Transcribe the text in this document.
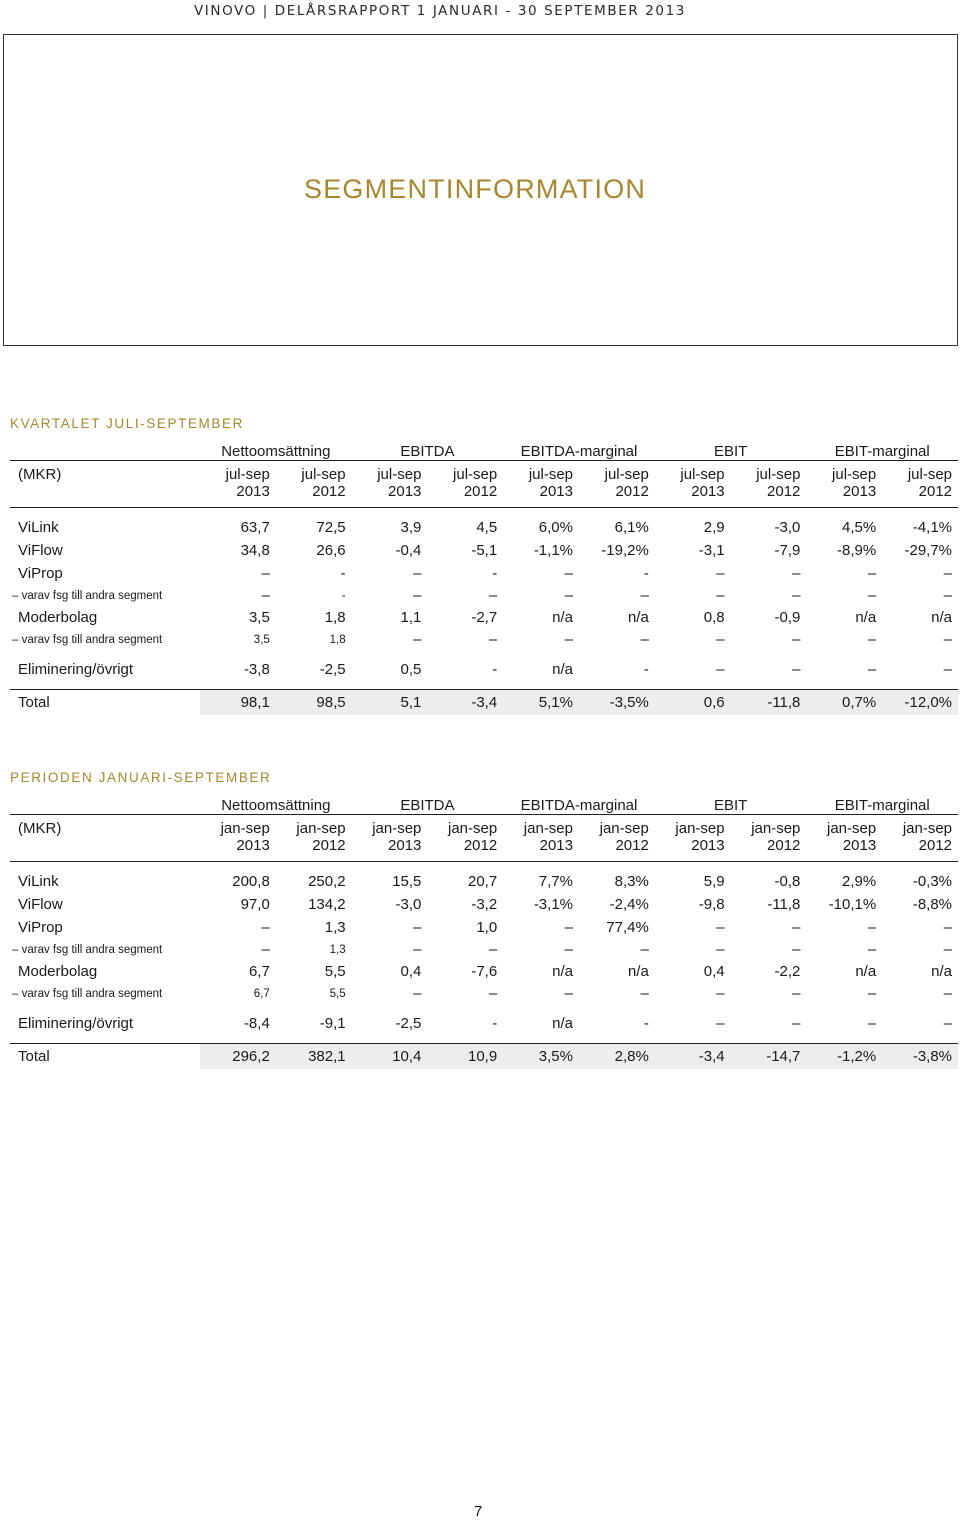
VINOVO | DELÅRSRAPPORT 1 JANUARI - 30 SEPTEMBER 2013
SEGMENTINFORMATION
KVARTALET JULI-SEPTEMBER
	Nettoomsättning		EBITDA		EBITDA-marginal		EBIT		EBIT-marginal	
(MKR)	jul-sep	jul-sep	jul-sep	jul-sep	jul-sep	jul-sep	jul-sep	jul-sep	jul-sep	jul-sep
	2013	2012	2013	2012	2013	2012	2013	2012	2013	2012

ViLink	63,7	72,5	3,9	4,5	6,0%	6,1%	2,9	-3,0	4,5%	-4,1%
ViFlow	34,8	26,6	-0,4	-5,1	-1,1%	-19,2%	-3,1	-7,9	-8,9%	-29,7%
ViProp	–	-	–	-	–	-	–	–	–	–
– varav fsg till andra segment	–	-	–	–	–	–	–	–	–	–
Moderbolag	3,5	1,8	1,1	-2,7	n/a	n/a	0,8	-0,9	n/a	n/a
– varav fsg till andra segment	3,5	1,8	–	–	–	–	–	–	–	–

Eliminering/övrigt	-3,8	-2,5	0,5	-	n/a	-	–	–	–	–

Total	98,1	98,5	5,1	-3,4	5,1%	-3,5%	0,6	-11,8	0,7%	-12,0%
PERIODEN JANUARI-SEPTEMBER
	Nettoomsättning		EBITDA		EBITDA-marginal		EBIT		EBIT-marginal	
(MKR)	jan-sep	jan-sep	jan-sep	jan-sep	jan-sep	jan-sep	jan-sep	jan-sep	jan-sep	jan-sep
	2013	2012	2013	2012	2013	2012	2013	2012	2013	2012

ViLink	200,8	250,2	15,5	20,7	7,7%	8,3%	5,9	-0,8	2,9%	-0,3%
ViFlow	97,0	134,2	-3,0	-3,2	-3,1%	-2,4%	-9,8	-11,8	-10,1%	-8,8%
ViProp	–	1,3	–	1,0	–	77,4%	–	–	–	–
– varav fsg till andra segment	–	1,3	–	–	–	–	–	–	–	–
Moderbolag	6,7	5,5	0,4	-7,6	n/a	n/a	0,4	-2,2	n/a	n/a
– varav fsg till andra segment	6,7	5,5	–	–	–	–	–	–	–	–

Eliminering/övrigt	-8,4	-9,1	-2,5	-	n/a	-	–	–	–	–

Total	296,2	382,1	10,4	10,9	3,5%	2,8%	-3,4	-14,7	-1,2%	-3,8%
7
